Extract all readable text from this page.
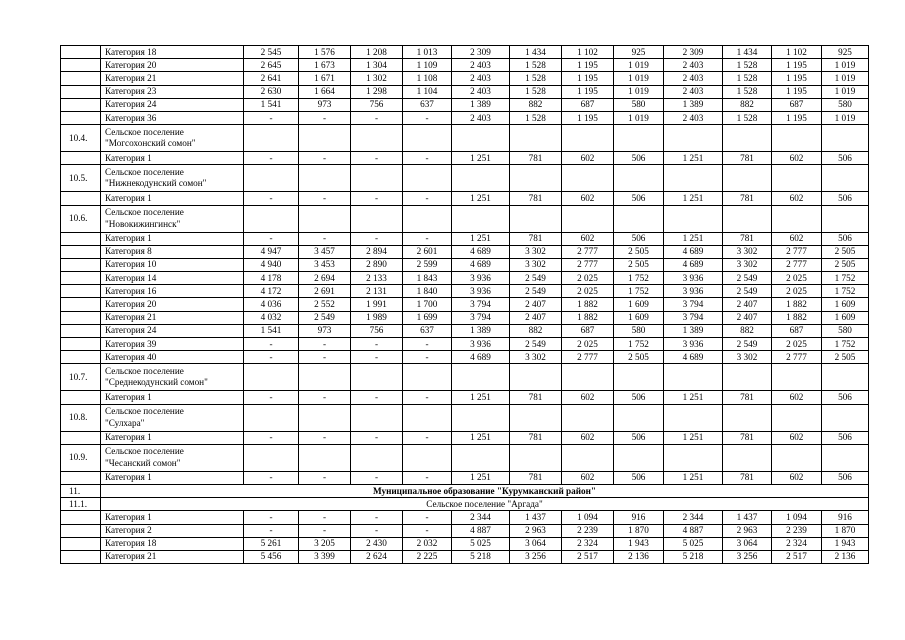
	Категория 18	2 545	1 576	1 208	1 013	2 309	1 434	1 102	925	2 309	1 434	1 102	925
	Категория 20	2 645	1 673	1 304	1 109	2 403	1 528	1 195	1 019	2 403	1 528	1 195	1 019
	Категория 21	2 641	1 671	1 302	1 108	2 403	1 528	1 195	1 019	2 403	1 528	1 195	1 019
	Категория 23	2 630	1 664	1 298	1 104	2 403	1 528	1 195	1 019	2 403	1 528	1 195	1 019
	Категория 24	1 541	973	756	637	1 389	882	687	580	1 389	882	687	580
	Категория 36	-	-	-	-	2 403	1 528	1 195	1 019	2 403	1 528	1 195	1 019
10.4.	Сельское поселение
"Могсохонский сомон"												

	Категория 1	-	-	-	-	1 251	781	602	506	1 251	781	602	506
10.5.	Сельское поселение
"Нижнекодунский сомон"												

	Категория 1	-	-	-	-	1 251	781	602	506	1 251	781	602	506
10.6.	Сельское поселение
"Новокижингинск"												

	Категория 1	-	-	-	-	1 251	781	602	506	1 251	781	602	506
	Категория 8	4 947	3 457	2 894	2 601	4 689	3 302	2 777	2 505	4 689	3 302	2 777	2 505
	Категория 10	4 940	3 453	2 890	2 599	4 689	3 302	2 777	2 505	4 689	3 302	2 777	2 505
	Категория 14	4 178	2 694	2 133	1 843	3 936	2 549	2 025	1 752	3 936	2 549	2 025	1 752
	Категория 16	4 172	2 691	2 131	1 840	3 936	2 549	2 025	1 752	3 936	2 549	2 025	1 752
	Категория 20	4 036	2 552	1 991	1 700	3 794	2 407	1 882	1 609	3 794	2 407	1 882	1 609
	Категория 21	4 032	2 549	1 989	1 699	3 794	2 407	1 882	1 609	3 794	2 407	1 882	1 609
	Категория 24	1 541	973	756	637	1 389	882	687	580	1 389	882	687	580
	Категория 39	-	-	-	-	3 936	2 549	2 025	1 752	3 936	2 549	2 025	1 752
	Категория 40	-	-	-	-	4 689	3 302	2 777	2 505	4 689	3 302	2 777	2 505
10.7.	Сельское поселение
"Среднекодунский сомон"												

	Категория 1	-	-	-	-	1 251	781	602	506	1 251	781	602	506
10.8.	Сельское поселение
"Сулхара"												

	Категория 1	-	-	-	-	1 251	781	602	506	1 251	781	602	506
10.9.	Сельское поселение
"Чесанский сомон"												

	Категория 1	-	-	-	-	1 251	781	602	506	1 251	781	602	506
11.	Муниципальное образование "Курумканский район"												
11.1.	Сельское поселение "Аргада"												
	Категория 1	-	-	-	-	2 344	1 437	1 094	916	2 344	1 437	1 094	916
	Категория 2	-	-	-	-	4 887	2 963	2 239	1 870	4 887	2 963	2 239	1 870
	Категория 18	5 261	3 205	2 430	2 032	5 025	3 064	2 324	1 943	5 025	3 064	2 324	1 943
	Категория 21	5 456	3 399	2 624	2 225	5 218	3 256	2 517	2 136	5 218	3 256	2 517	2 136
